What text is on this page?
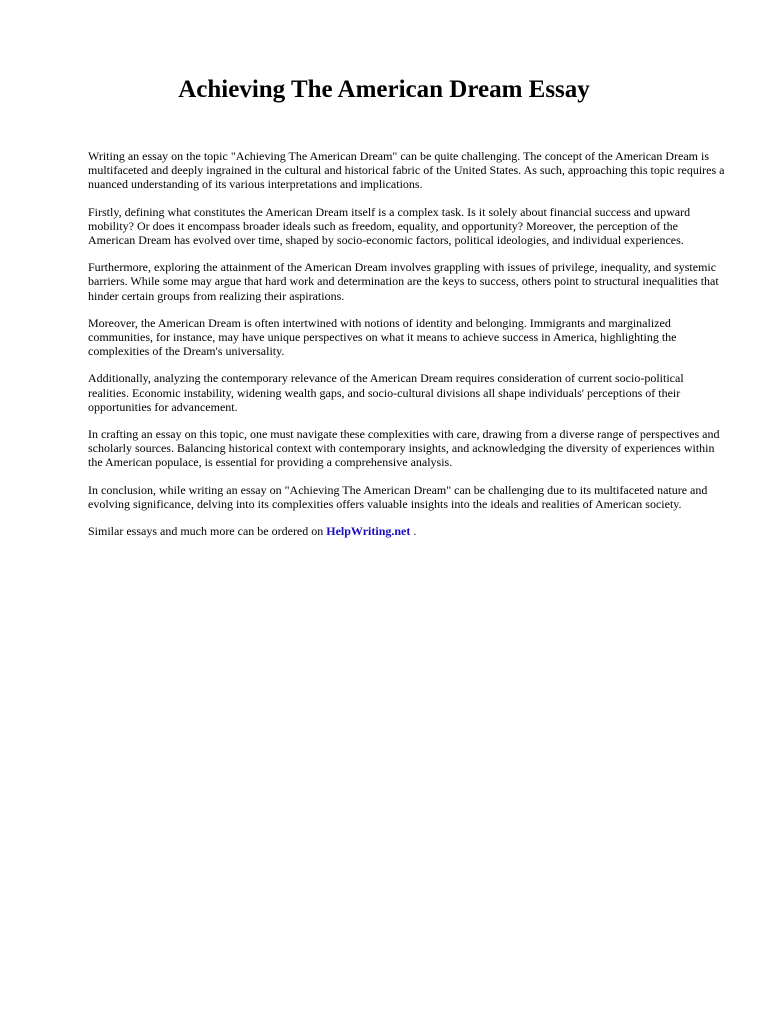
Achieving The American Dream Essay

Writing an essay on the topic "Achieving The American Dream" can be quite challenging. The concept of the American Dream is multifaceted and deeply ingrained in the cultural and historical fabric of the United States. As such, approaching this topic requires a nuanced understanding of its various interpretations and implications.

Firstly, defining what constitutes the American Dream itself is a complex task. Is it solely about financial success and upward mobility? Or does it encompass broader ideals such as freedom, equality, and opportunity? Moreover, the perception of the American Dream has evolved over time, shaped by socio-economic factors, political ideologies, and individual experiences.

Furthermore, exploring the attainment of the American Dream involves grappling with issues of privilege, inequality, and systemic barriers. While some may argue that hard work and determination are the keys to success, others point to structural inequalities that hinder certain groups from realizing their aspirations.

Moreover, the American Dream is often intertwined with notions of identity and belonging. Immigrants and marginalized communities, for instance, may have unique perspectives on what it means to achieve success in America, highlighting the complexities of the Dream's universality.

Additionally, analyzing the contemporary relevance of the American Dream requires consideration of current socio-political realities. Economic instability, widening wealth gaps, and socio-cultural divisions all shape individuals' perceptions of their opportunities for advancement.

In crafting an essay on this topic, one must navigate these complexities with care, drawing from a diverse range of perspectives and scholarly sources. Balancing historical context with contemporary insights, and acknowledging the diversity of experiences within the American populace, is essential for providing a comprehensive analysis.

In conclusion, while writing an essay on "Achieving The American Dream" can be challenging due to its multifaceted nature and evolving significance, delving into its complexities offers valuable insights into the ideals and realities of American society.

Similar essays and much more can be ordered on HelpWriting.net .
